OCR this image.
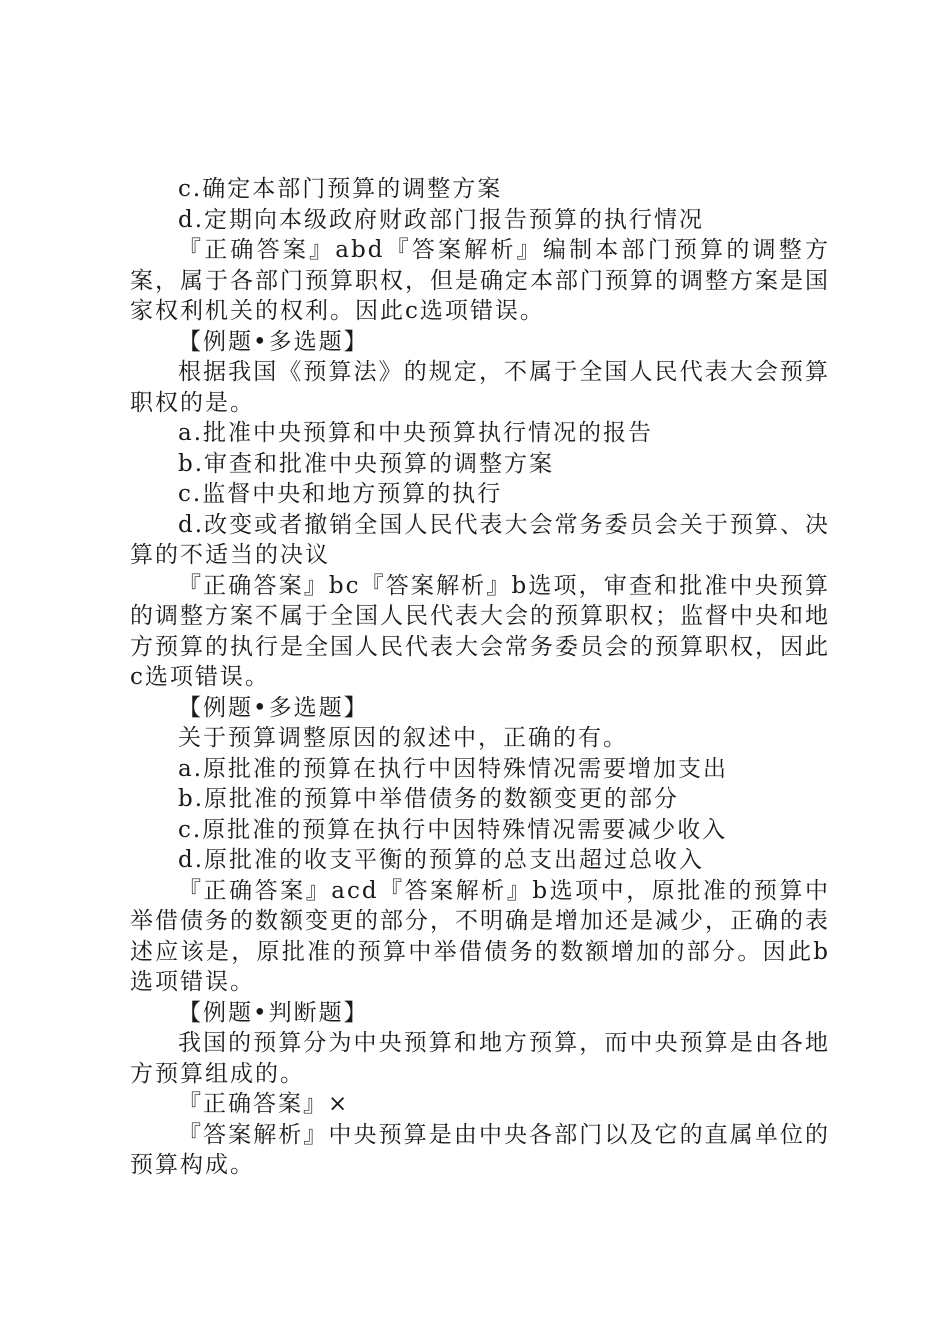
c.确定本部门预算的调整方案

d.定期向本级政府财政部门报告预算的执行情况

『正确答案』abd『答案解析』编制本部门预算的调整方案，属于各部门预算职权，但是确定本部门预算的调整方案是国家权利机关的权利。因此c选项错误。

【例题•多选题】

根据我国《预算法》的规定，不属于全国人民代表大会预算职权的是。

a.批准中央预算和中央预算执行情况的报告

b.审查和批准中央预算的调整方案

c.监督中央和地方预算的执行

d.改变或者撤销全国人民代表大会常务委员会关于预算、决算的不适当的决议

『正确答案』bc『答案解析』b选项，审查和批准中央预算的调整方案不属于全国人民代表大会的预算职权；监督中央和地方预算的执行是全国人民代表大会常务委员会的预算职权，因此c选项错误。

【例题•多选题】

关于预算调整原因的叙述中，正确的有。

a.原批准的预算在执行中因特殊情况需要增加支出

b.原批准的预算中举借债务的数额变更的部分

c.原批准的预算在执行中因特殊情况需要减少收入

d.原批准的收支平衡的预算的总支出超过总收入

『正确答案』acd『答案解析』b选项中，原批准的预算中举借债务的数额变更的部分，不明确是增加还是减少，正确的表述应该是，原批准的预算中举借债务的数额增加的部分。因此b选项错误。

【例题•判断题】

我国的预算分为中央预算和地方预算，而中央预算是由各地方预算组成的。

『正确答案』×

『答案解析』中央预算是由中央各部门以及它的直属单位的预算构成。
